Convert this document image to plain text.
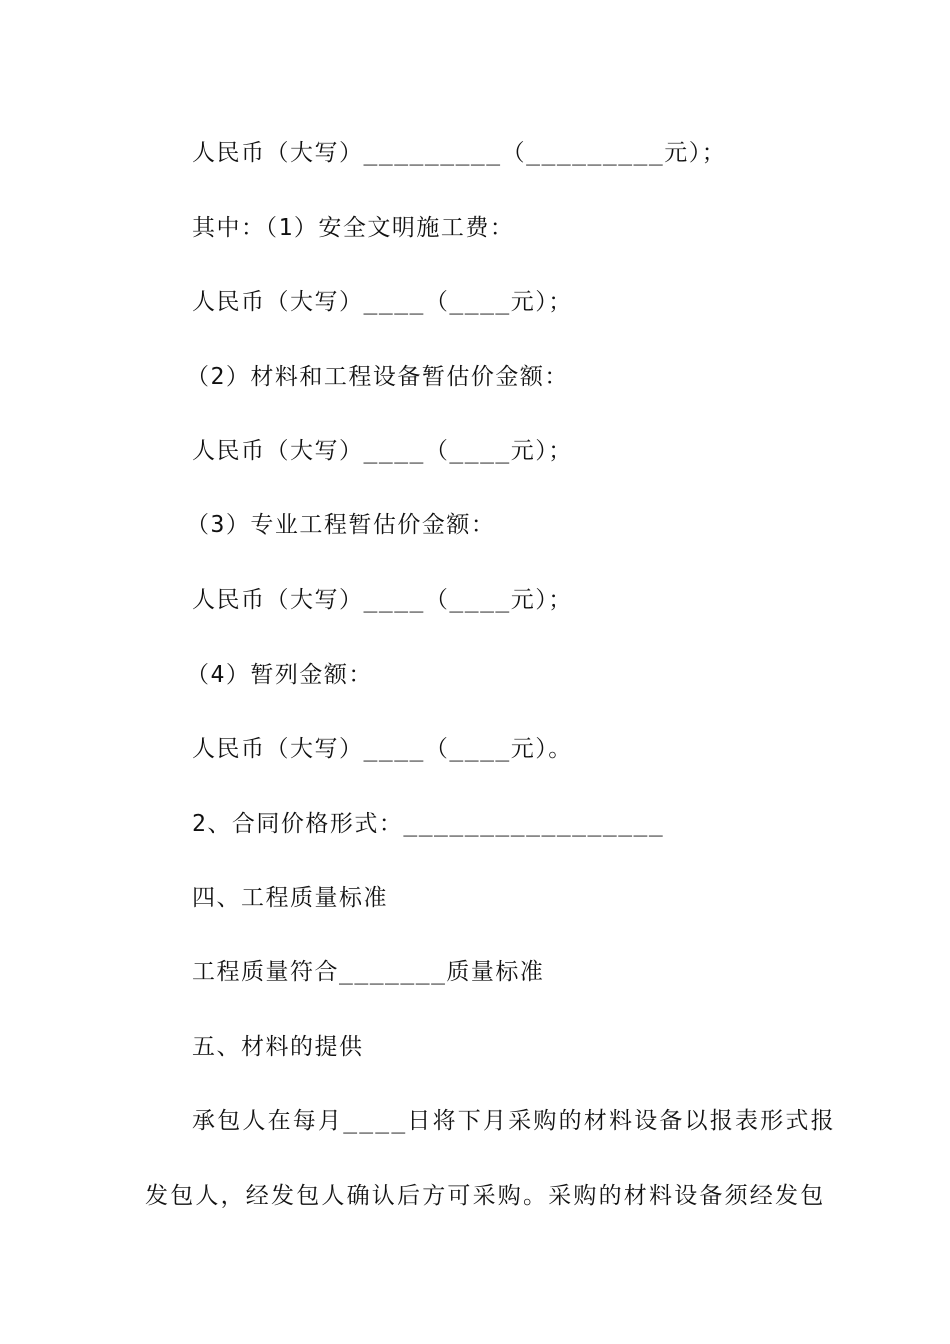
人民币（大写）_________（_________元）；
其中：（1）安全文明施工费：
人民币（大写）____（____元）；
（2）材料和工程设备暂估价金额：
人民币（大写）____（____元）；
（3）专业工程暂估价金额：
人民币（大写）____（____元）；
（4）暂列金额：
人民币（大写）____（____元）。
2、合同价格形式：_________________
四、工程质量标准
工程质量符合_______质量标准
五、材料的提供
承包人在每月____日将下月采购的材料设备以报表形式报
发包人，经发包人确认后方可采购。采购的材料设备须经发包
